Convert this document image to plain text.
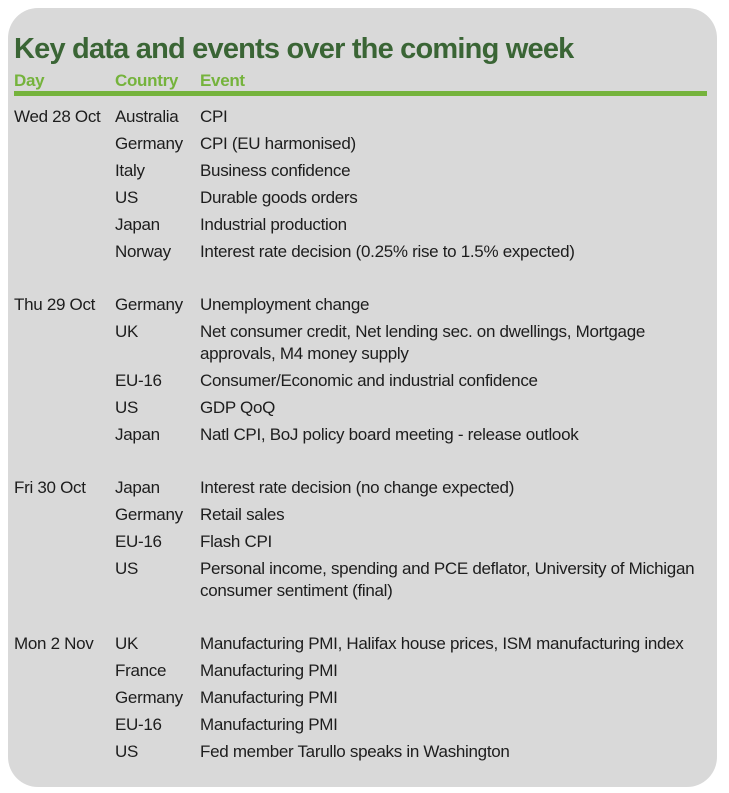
Key data and events over the coming week
Day	Country	Event
Wed 28 Oct Australia	CPI
Germany	CPI (EU harmonised)
Italy	Business confidence
US	Durable goods orders
Japan	Industrial production
Norway	Interest rate decision (0.25% rise to 1.5% expected)
Thu 29 Oct	Germany	Unemployment change
UK	Net consumer credit, Net lending sec. on dwellings, Mortgage approvals, M4 money supply
EU-16	Consumer/Economic and industrial confidence
US	GDP QoQ
Japan	Natl CPI, BoJ policy board meeting - release outlook
Fri 30 Oct	Japan	Interest rate decision (no change expected)
Germany	Retail sales
EU-16	Flash CPI
US	Personal income, spending and PCE deflator, University of Michigan consumer sentiment (final)
Mon 2 Nov	UK	Manufacturing PMI, Halifax house prices, ISM manufacturing index
France	Manufacturing PMI
Germany	Manufacturing PMI
EU-16	Manufacturing PMI
US	Fed member Tarullo speaks in Washington
